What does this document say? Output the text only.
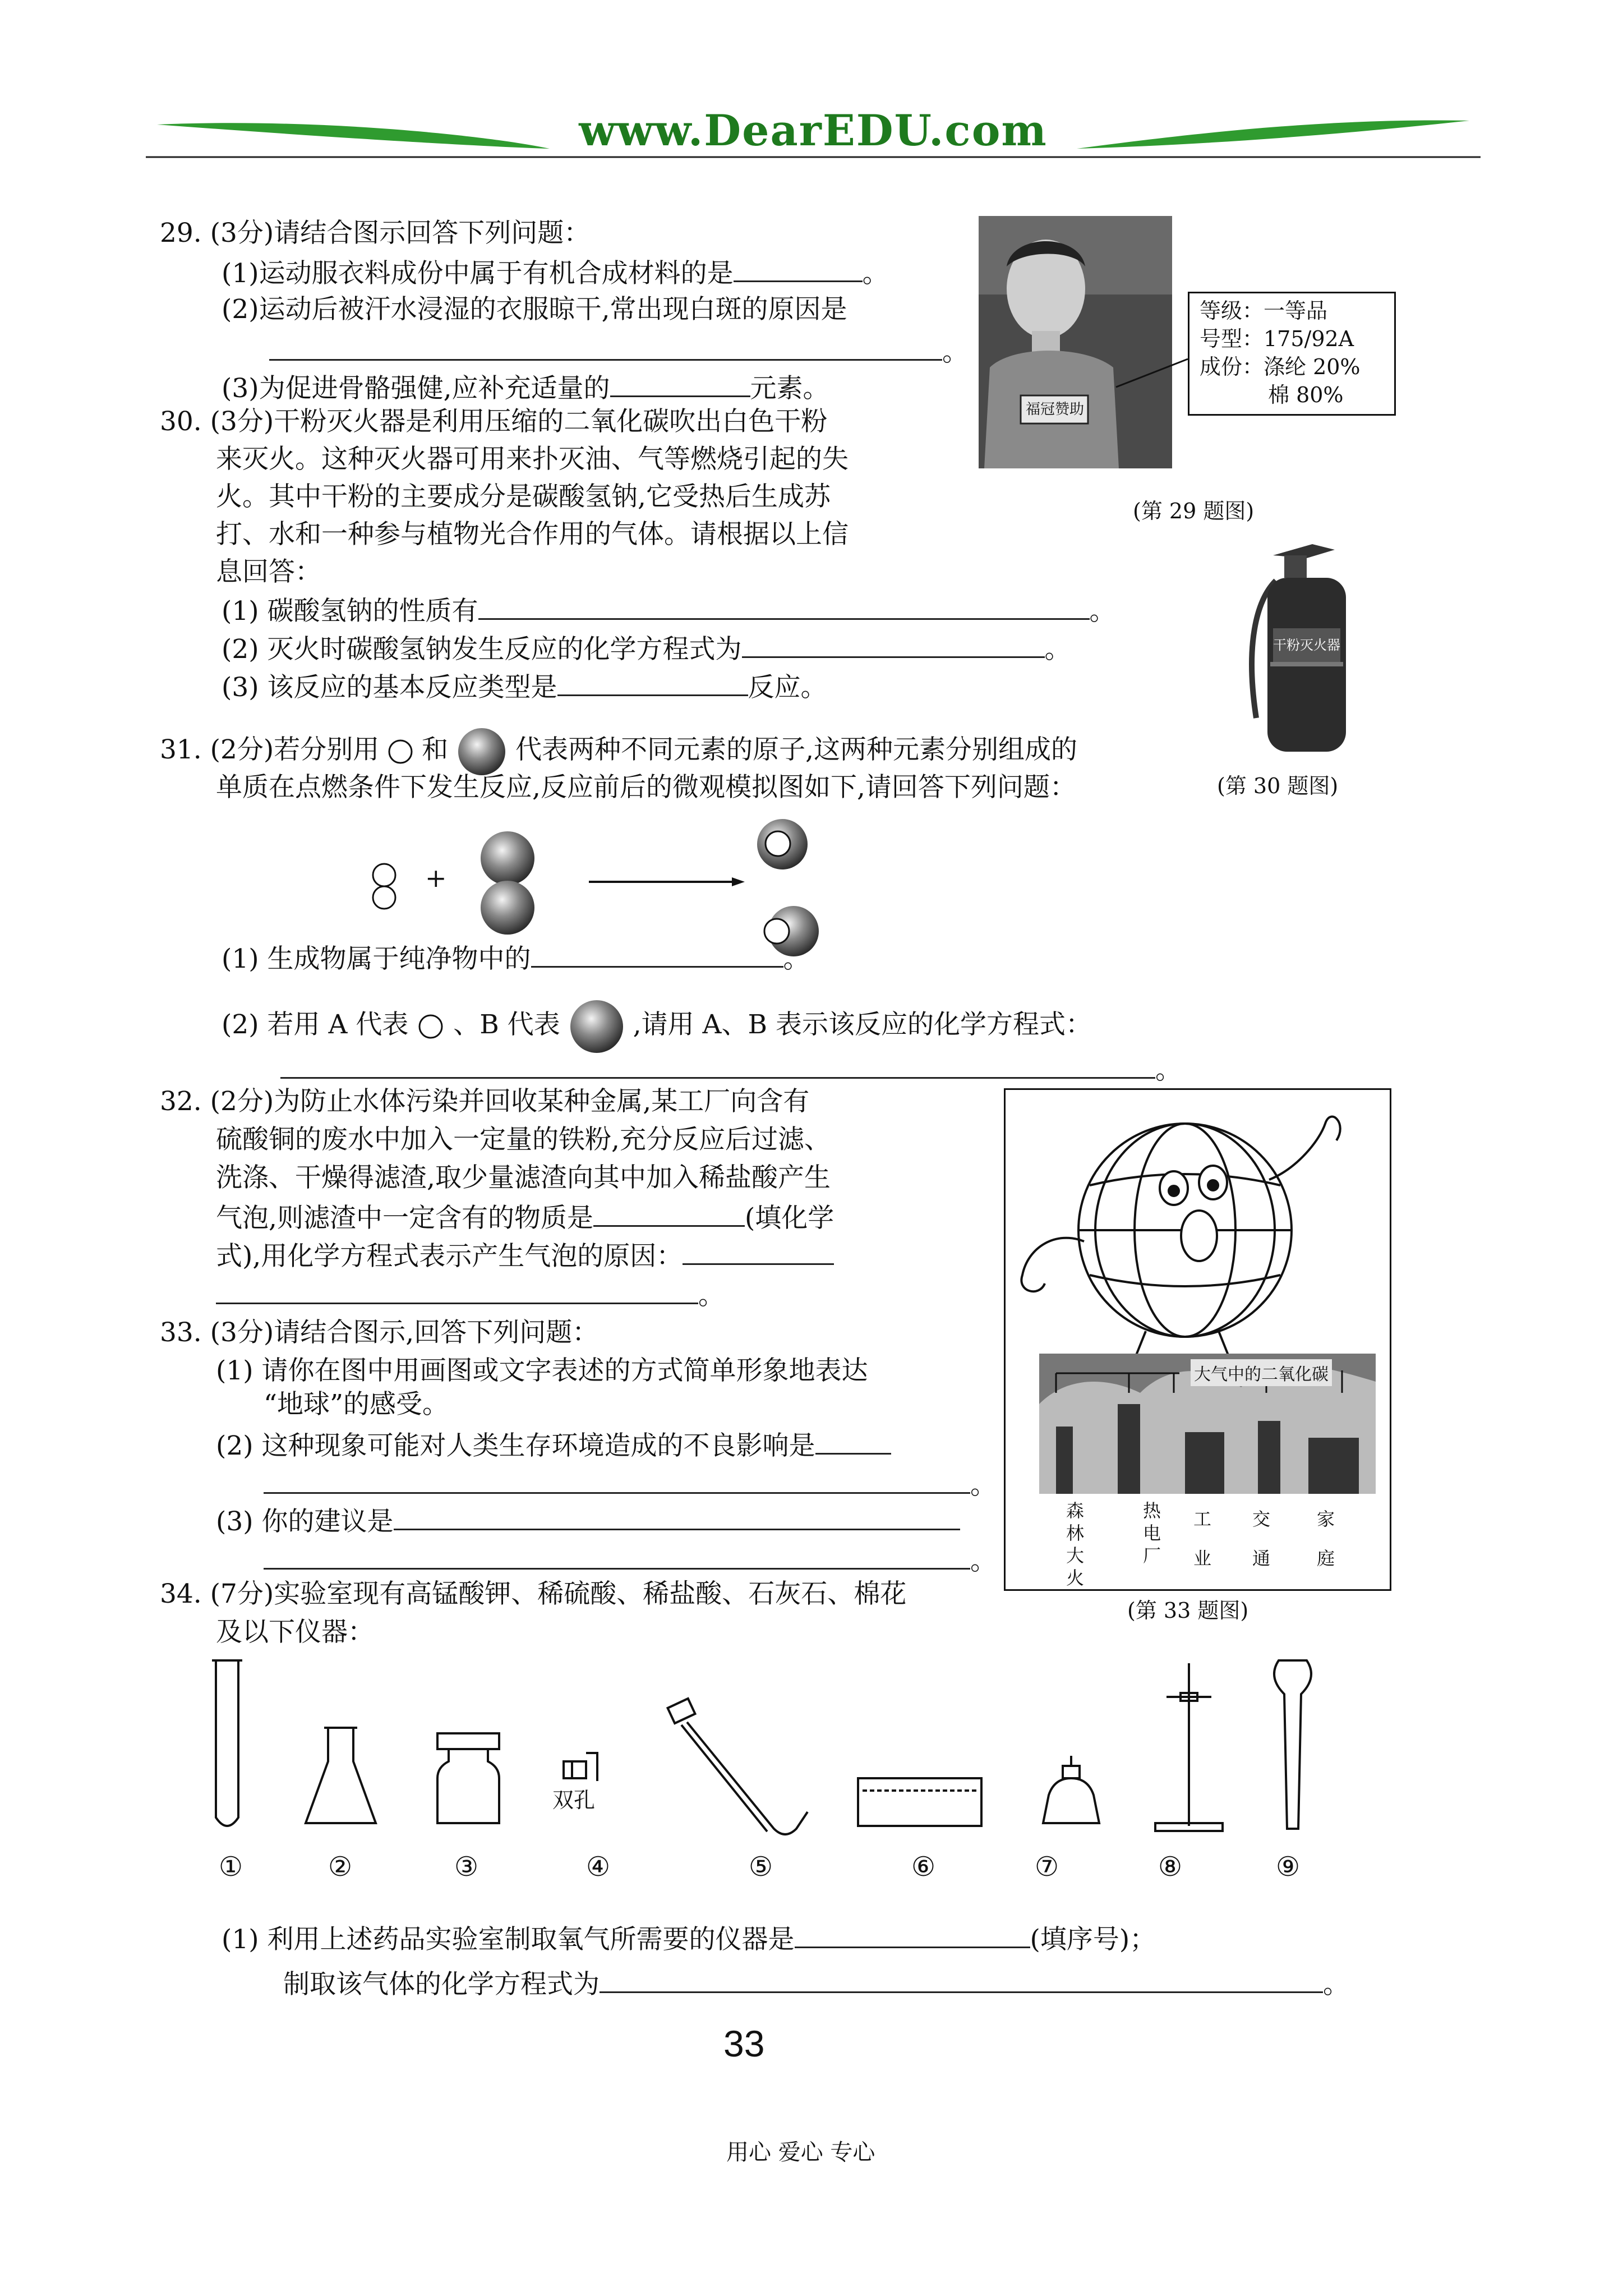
www.DearEDU.com
29. (3分)请结合图示回答下列问题：
(1)运动服衣料成份中属于有机合成材料的是	。
(2)运动后被汗水浸湿的衣服晾干,常出现白斑的原因是
。
(3)为促进骨骼强健,应补充适量的	元素。
福冠赞助
等级：一等品
号型：175/92A
成份：涤纶 20%
棉 80%
(第 29 题图)
30. (3分)干粉灭火器是利用压缩的二氧化碳吹出白色干粉
来灭火。这种灭火器可用来扑灭油、气等燃烧引起的失
火。其中干粉的主要成分是碳酸氢钠,它受热后生成苏
打、水和一种参与植物光合作用的气体。请根据以上信
息回答：
(1) 碳酸氢钠的性质有	。
(2) 灭火时碳酸氢钠发生反应的化学方程式为	。
(3) 该反应的基本反应类型是	反应。
干粉灭火器
(第 30 题图)
31. (2分)若分别用 和	代表两种不同元素的原子,这两种元素分别组成的
单质在点燃条件下发生反应,反应前后的微观模拟图如下,请回答下列问题：
+
(1) 生成物属于纯净物中的	。
(2) 若用 A 代表 、B 代表	,请用 A、B 表示该反应的化学方程式：
。
32. (2分)为防止水体污染并回收某种金属,某工厂向含有
硫酸铜的废水中加入一定量的铁粉,充分反应后过滤、
洗涤、干燥得滤渣,取少量滤渣向其中加入稀盐酸产生
气泡,则滤渣中一定含有的物质是	(填化学
式),用化学方程式表示产生气泡的原因：
。
33. (3分)请结合图示,回答下列问题：
(1) 请你在图中用画图或文字表述的方式简单形象地表达
“地球”的感受。
(2) 这种现象可能对人类生存环境造成的不良影响是
。
(3) 你的建议是
。
大气中的二氧化碳
森林大火
热电厂
工业
交通
家庭
(第 33 题图)
34. (7分)实验室现有高锰酸钾、稀硫酸、稀盐酸、石灰石、棉花
及以下仪器：
双孔
①	②	③	④	⑤	⑥	⑦	⑧	⑨
(1) 利用上述药品实验室制取氧气所需要的仪器是	(填序号)；
制取该气体的化学方程式为	。
33
用心 爱心 专心
